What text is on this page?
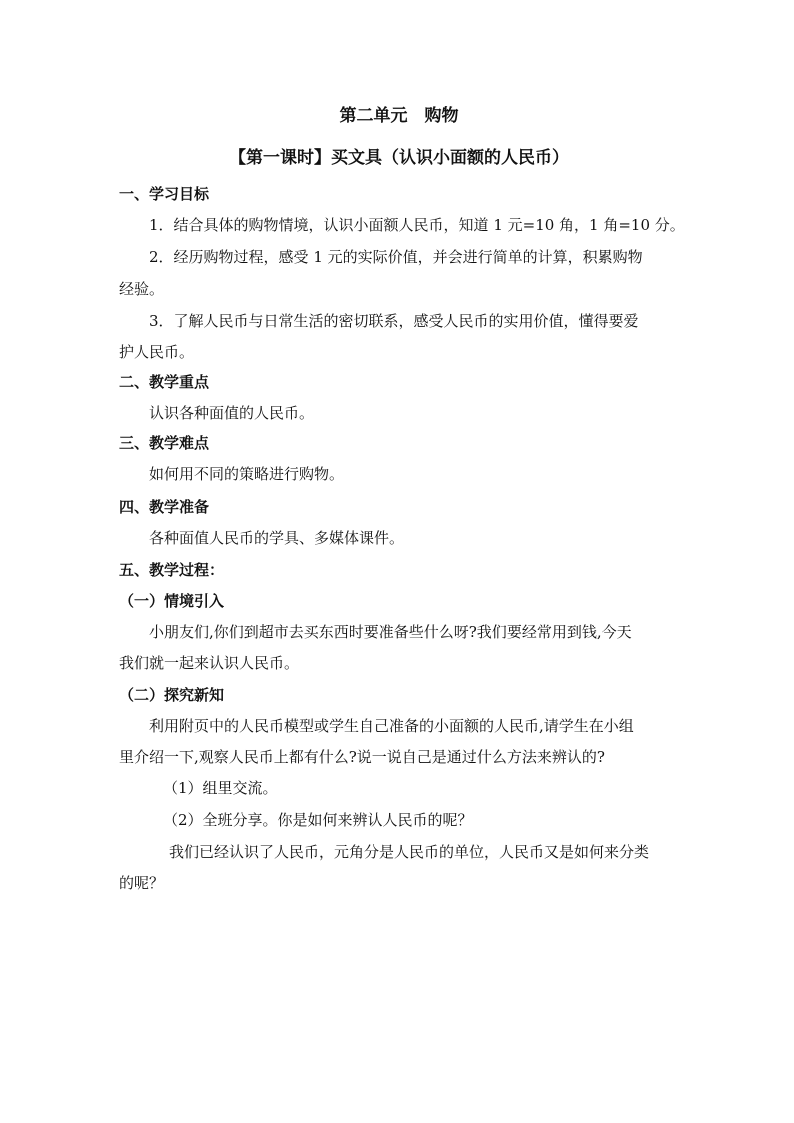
第二单元　购物
【第一课时】买文具（认识小面额的人民币）
一、学习目标
1．结合具体的购物情境，认识小面额人民币，知道 1 元=10 角，1 角=10 分。
2．经历购物过程，感受 1 元的实际价值，并会进行简单的计算，积累购物
经验。
3．了解人民币与日常生活的密切联系，感受人民币的实用价值，懂得要爱
护人民币。
二、教学重点
认识各种面值的人民币。
三、教学难点
如何用不同的策略进行购物。
四、教学准备
各种面值人民币的学具、多媒体课件。
五、教学过程：
（一）情境引入
小朋友们,你们到超市去买东西时要准备些什么呀?我们要经常用到钱,今天
我们就一起来认识人民币。
（二）探究新知
利用附页中的人民币模型或学生自己准备的小面额的人民币,请学生在小组
里介绍一下,观察人民币上都有什么?说一说自己是通过什么方法来辨认的?
（1）组里交流。
（2）全班分享。你是如何来辨认人民币的呢？
我们已经认识了人民币，元角分是人民币的单位，人民币又是如何来分类
的呢？
